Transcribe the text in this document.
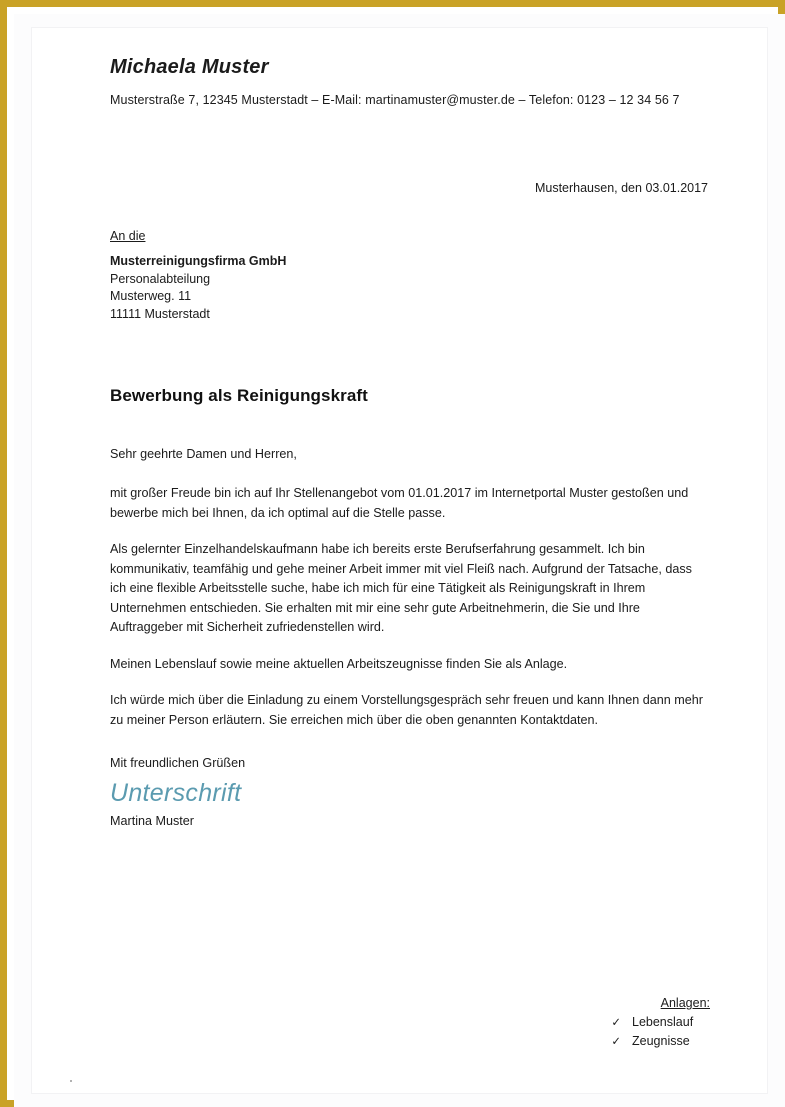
Michaela Muster
Musterstraße 7, 12345 Musterstadt – E-Mail: martinamuster@muster.de – Telefon: 0123 – 12 34 56 7
Musterhausen, den 03.01.2017
An die
Musterreinigungsfirma GmbH
Personalabteilung
Musterweg. 11
11111 Musterstadt
Bewerbung als Reinigungskraft

Sehr geehrte Damen und Herren,

mit großer Freude bin ich auf Ihr Stellenangebot vom 01.01.2017 im Internetportal Muster gestoßen und bewerbe mich bei Ihnen, da ich optimal auf die Stelle passe.

Als gelernter Einzelhandelskaufmann habe ich bereits erste Berufserfahrung gesammelt. Ich bin kommunikativ, teamfähig und gehe meiner Arbeit immer mit viel Fleiß nach. Aufgrund der Tatsache, dass ich eine flexible Arbeitsstelle suche, habe ich mich für eine Tätigkeit als Reinigungskraft in Ihrem Unternehmen entschieden. Sie erhalten mit mir eine sehr gute Arbeitnehmerin, die Sie und Ihre Auftraggeber mit Sicherheit zufriedenstellen wird.

Meinen Lebenslauf sowie meine aktuellen Arbeitszeugnisse finden Sie als Anlage.

Ich würde mich über die Einladung zu einem Vorstellungsgespräch sehr freuen und kann Ihnen dann mehr zu meiner Person erläutern. Sie erreichen mich über die oben genannten Kontaktdaten.

Mit freundlichen Grüßen
Unterschrift
Martina Muster
Anlagen:
✓ Lebenslauf
✓ Zeugnisse
